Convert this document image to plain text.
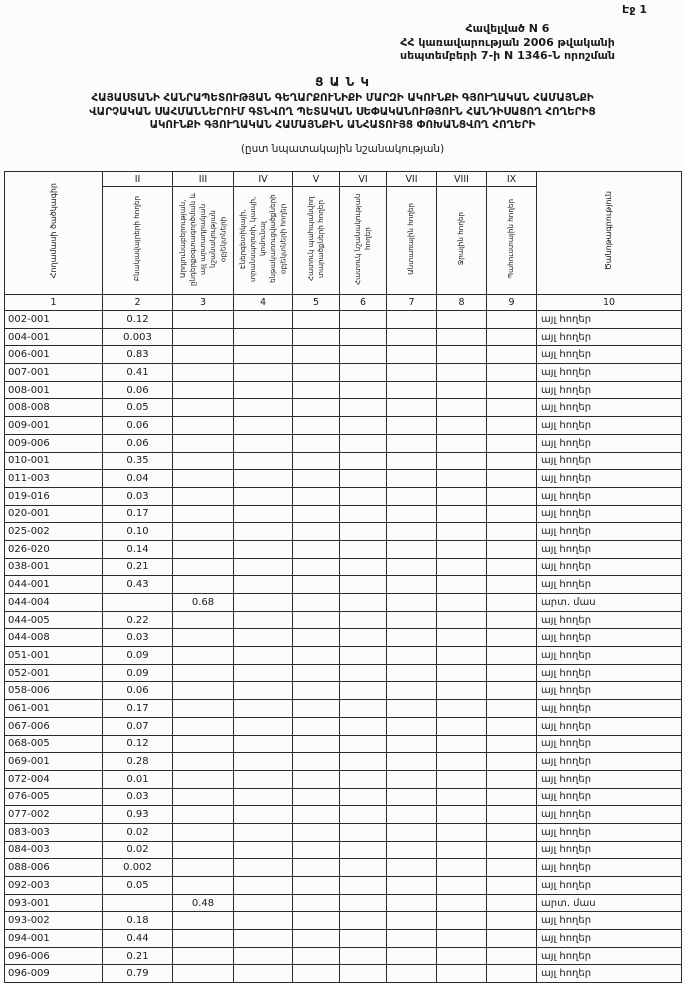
Էջ 1
Հավելված N 6
ՀՀ կառավարության 2006 թվականի
սեպտեմբերի 7-ի N 1346-Ն որոշման
Ց Ա Ն Կ
ՀԱՅԱՍՏԱՆԻ ՀԱՆՐԱՊԵՏՈՒԹՅԱՆ ԳԵՂԱՐՔՈՒՆԻՔԻ ՄԱՐԶԻ ԱԿՈՒՆՔԻ ԳՅՈՒՂԱԿԱՆ ՀԱՄԱՅՆՔԻ
ՎԱՐՉԱԿԱՆ ՍԱՀՄԱՆՆԵՐՈՒՄ ԳՏՆՎՈՂ ՊԵՏԱԿԱՆ ՍԵՓԱԿԱՆՈՒԹՅՈՒՆ ՀԱՆԴԻՍԱՑՈՂ ՀՈՂԵՐԻՑ
ԱԿՈՒՆՔԻ ԳՅՈՒՂԱԿԱՆ ՀԱՄԱՅՆՔԻՆ ԱՆՀԱՏՈՒՅՑ ՓՈԽԱՆՑՎՈՂ ՀՈՂԵՐԻ
(ըստ նպատակային նշանակության)
Հողամասի ծածկագիր	II	III	IV	V	VI	VII	VIII	IX	Ծանոթագրություն
	Բնակավայրերի հողեր	Արդյունաբերության, ընդերքօգտագործման և այլ արտադրական նշանակության օբյեկտների	Էներգետիկայի, տրանսպորտի, կապի, կոմունալ ենթակառուցվածքների օբյեկտների հողեր	Հատուկ պահպանվող տարածքների հողեր	Հատուկ նշանակության հողեր	Անտառային հողեր	Ջրային հողեր	Պահուստային հողեր	
1	2	3	4	5	6	7	8	9	10
002-001	0.12								այլ հողեր
004-001	0.003								այլ հողեր
006-001	0.83								այլ հողեր
007-001	0.41								այլ հողեր
008-001	0.06								այլ հողեր
008-008	0.05								այլ հողեր
009-001	0.06								այլ հողեր
009-006	0.06								այլ հողեր
010-001	0.35								այլ հողեր
011-003	0.04								այլ հողեր
019-016	0.03								այլ հողեր
020-001	0.17								այլ հողեր
025-002	0.10								այլ հողեր
026-020	0.14								այլ հողեր
038-001	0.21								այլ հողեր
044-001	0.43								այլ հողեր
044-004		0.68							արտ. մաս
044-005	0.22								այլ հողեր
044-008	0.03								այլ հողեր
051-001	0.09								այլ հողեր
052-001	0.09								այլ հողեր
058-006	0.06								այլ հողեր
061-001	0.17								այլ հողեր
067-006	0.07								այլ հողեր
068-005	0.12								այլ հողեր
069-001	0.28								այլ հողեր
072-004	0.01								այլ հողեր
076-005	0.03								այլ հողեր
077-002	0.93								այլ հողեր
083-003	0.02								այլ հողեր
084-003	0.02								այլ հողեր
088-006	0.002								այլ հողեր
092-003	0.05								այլ հողեր
093-001		0.48							արտ. մաս
093-002	0.18								այլ հողեր
094-001	0.44								այլ հողեր
096-006	0.21								այլ հողեր
096-009	0.79								այլ հողեր
